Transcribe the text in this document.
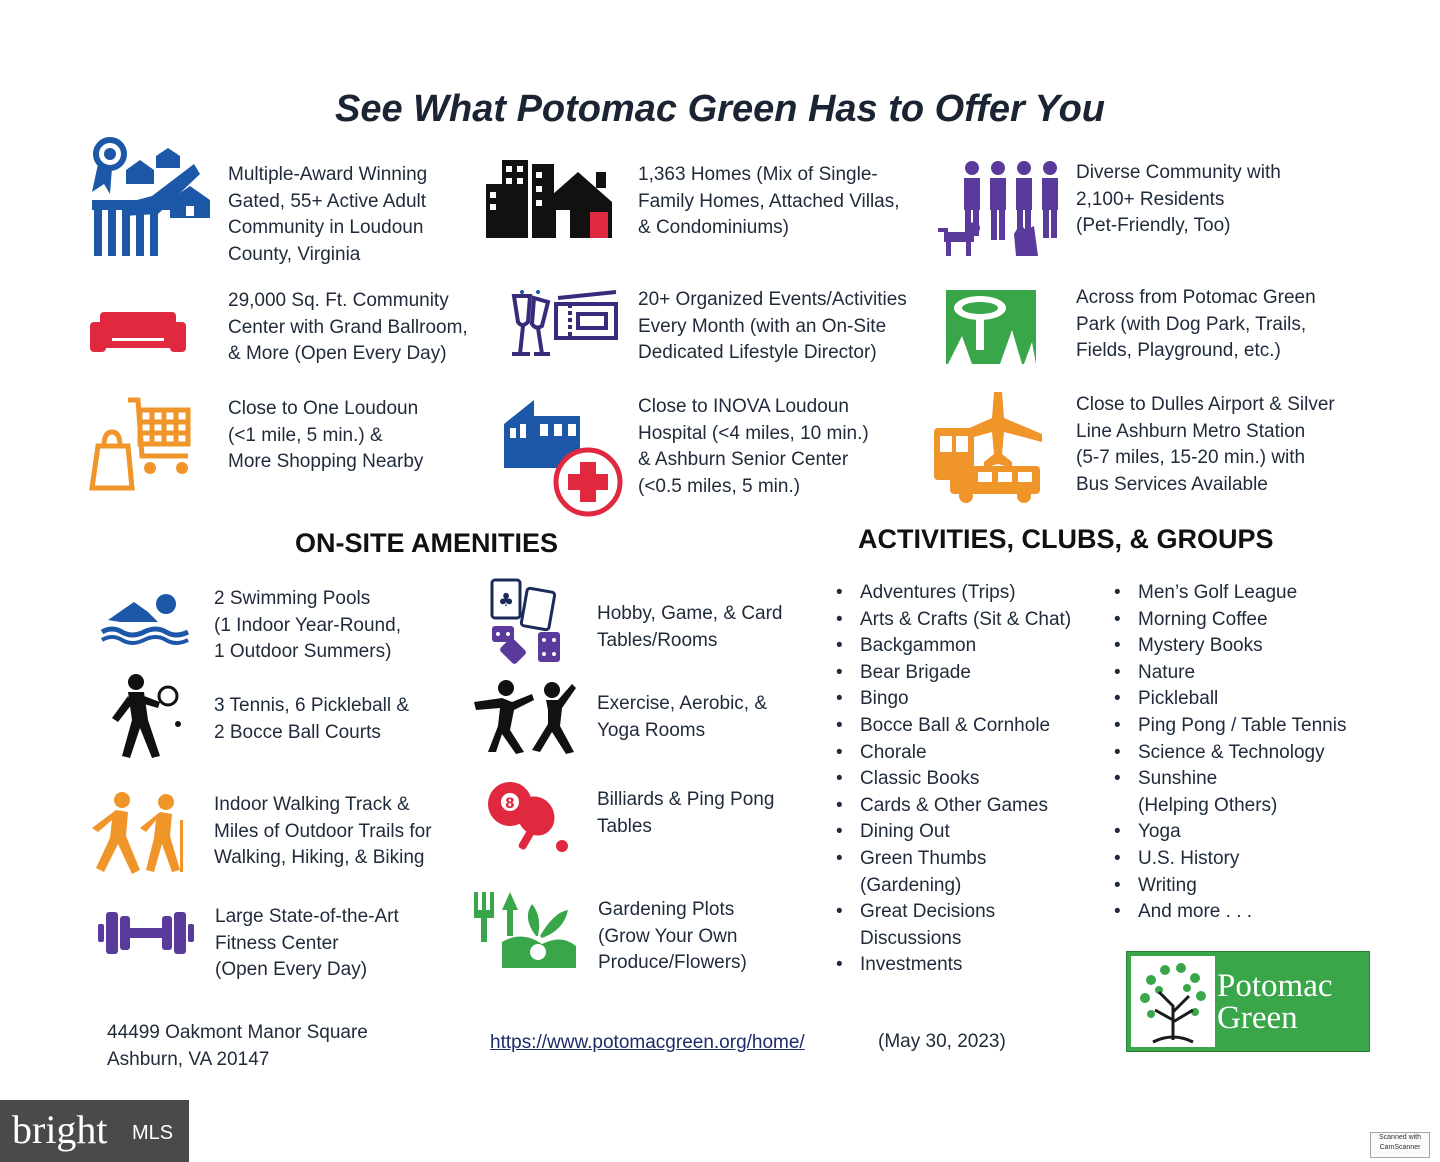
See What Potomac Green Has to Offer You
Multiple-Award Winning
Gated, 55+ Active Adult
Community in Loudoun
County, Virginia
1,363 Homes (Mix of Single-
Family Homes, Attached Villas,
& Condominiums)
Diverse Community with
2,100+ Residents
(Pet-Friendly, Too)
29,000 Sq. Ft. Community
Center with Grand Ballroom,
& More (Open Every Day)
20+ Organized Events/Activities
Every Month (with an On-Site
Dedicated Lifestyle Director)
Across from Potomac Green
Park (with Dog Park, Trails,
Fields, Playground, etc.)
Close to One Loudoun
(<1 mile, 5 min.) &
More Shopping Nearby
Close to INOVA Loudoun
Hospital (<4 miles, 10 min.)
& Ashburn Senior Center
(<0.5 miles, 5 min.)
Close to Dulles Airport & Silver
Line Ashburn Metro Station
(5-7 miles, 15-20 min.) with
Bus Services Available
ON-SITE AMENITIES
2 Swimming Pools
(1 Indoor Year-Round,
1 Outdoor Summers)
3 Tennis, 6 Pickleball &
2 Bocce Ball Courts
Indoor Walking Track &
Miles of Outdoor Trails for
Walking, Hiking, & Biking
Large State-of-the-Art
Fitness Center
(Open Every Day)
♣
Hobby, Game, & Card
Tables/Rooms
Exercise, Aerobic, &
Yoga Rooms
8	Billiards & Ping Pong
Tables
Gardening Plots
(Grow Your Own
Produce/Flowers)
ACTIVITIES, CLUBS, & GROUPS
• Adventures (Trips)
• Arts & Crafts (Sit & Chat)
• Backgammon
• Bear Brigade
• Bingo
• Bocce Ball & Cornhole
• Chorale
• Classic Books
• Cards & Other Games
• Dining Out
• Green Thumbs
(Gardening)
• Great Decisions
Discussions
• Investments
• Men’s Golf League
• Morning Coffee
• Mystery Books
• Nature
• Pickleball
• Ping Pong / Table Tennis
• Science & Technology
• Sunshine
(Helping Others)
• Yoga
• U.S. History
• Writing
• And more . . .
44499 Oakmont Manor Square
Ashburn, VA 20147
https://www.potomacgreen.org/home/	(May 30, 2023)
Potomac
Green
bright MLS	Scanned with
CamScanner
